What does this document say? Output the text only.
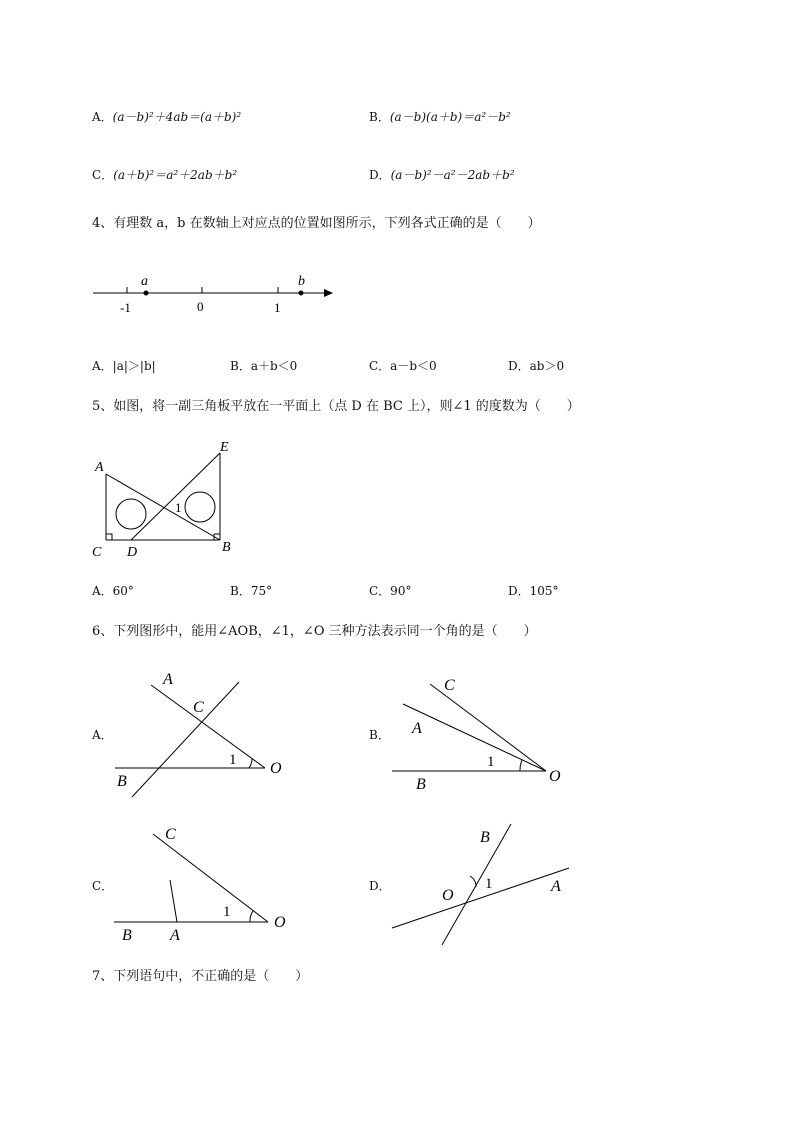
A．(a－b)²＋4ab＝(a＋b)²	B．(a－b)(a＋b)＝a²－b²
C．(a＋b)²＝a²＋2ab＋b²	D．(a－b)²－a²－2ab＋b²
4、有理数 a，b 在数轴上对应点的位置如图所示，下列各式正确的是（　　）
a	b
-1	0	1
A．|a|＞|b|	B．a＋b＜0	C．a－b＜0	D．ab＞0
5、如图，将一副三角板平放在一平面上（点 D 在 BC 上），则∠1 的度数为（　　）
A
E
C D	B
1
A．60°	B．75°	C．90°	D．105°
6、下列图形中，能用∠AOB，∠1，∠O 三种方法表示同一个角的是（　　）
A．	B．
C．	D．
A
C
B
O
1
C
A
B	O
1
C
B A
O
1
B
O
A
1
7、下列语句中，不正确的是（　　）
